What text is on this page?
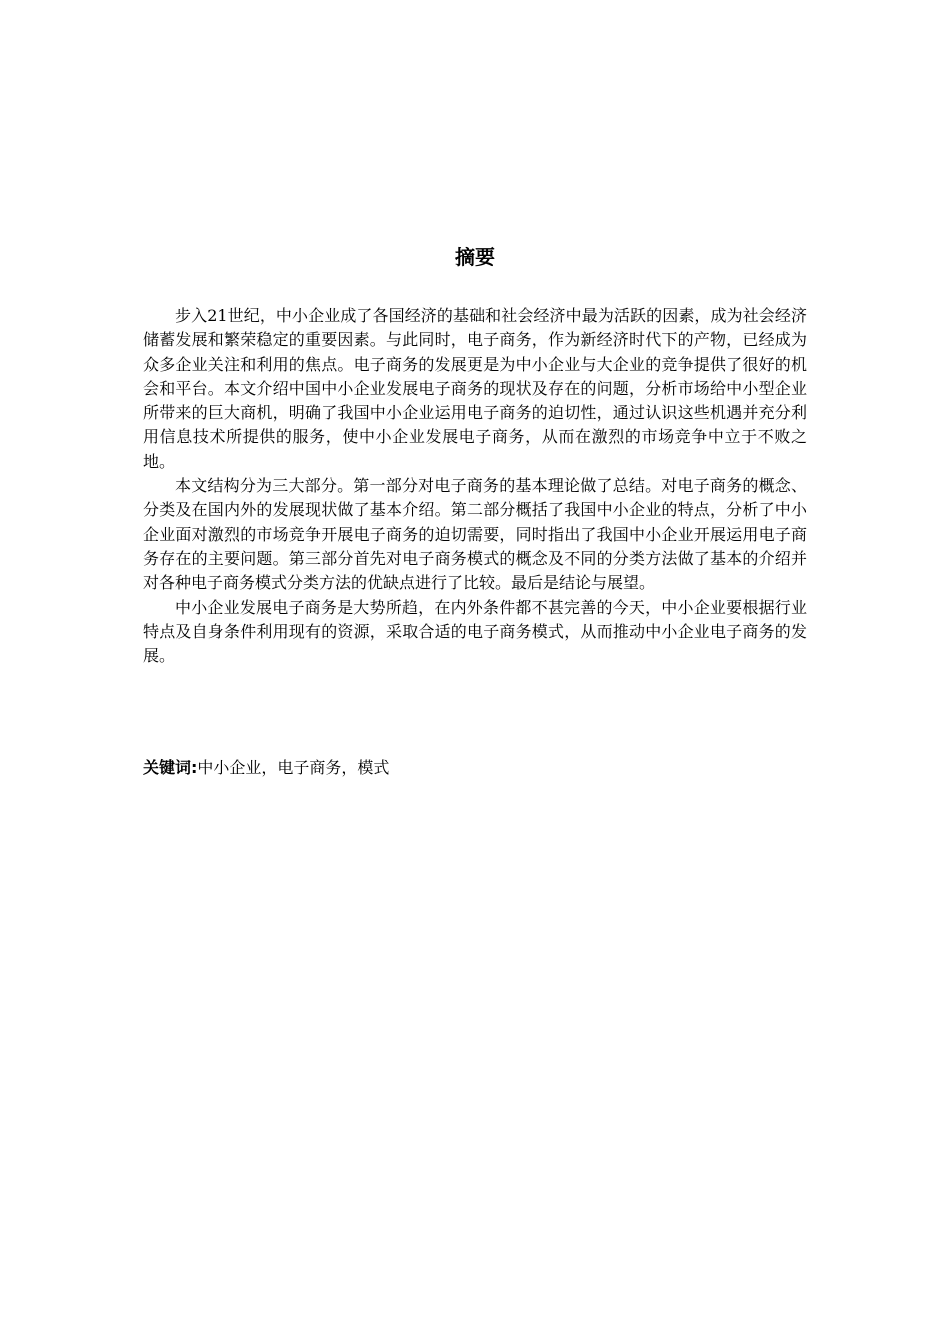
摘要

步入21世纪，中小企业成了各国经济的基础和社会经济中最为活跃的因素，成为社会经济储蓄发展和繁荣稳定的重要因素。与此同时，电子商务，作为新经济时代下的产物，已经成为众多企业关注和利用的焦点。电子商务的发展更是为中小企业与大企业的竞争提供了很好的机会和平台。本文介绍中国中小企业发展电子商务的现状及存在的问题，分析市场给中小型企业所带来的巨大商机，明确了我国中小企业运用电子商务的迫切性，通过认识这些机遇并充分利用信息技术所提供的服务，使中小企业发展电子商务，从而在激烈的市场竞争中立于不败之地。

本文结构分为三大部分。第一部分对电子商务的基本理论做了总结。对电子商务的概念、分类及在国内外的发展现状做了基本介绍。第二部分概括了我国中小企业的特点，分析了中小企业面对激烈的市场竞争开展电子商务的迫切需要，同时指出了我国中小企业开展运用电子商务存在的主要问题。第三部分首先对电子商务模式的概念及不同的分类方法做了基本的介绍并对各种电子商务模式分类方法的优缺点进行了比较。最后是结论与展望。

中小企业发展电子商务是大势所趋，在内外条件都不甚完善的今天，中小企业要根据行业特点及自身条件利用现有的资源，采取合适的电子商务模式，从而推动中小企业电子商务的发展。

关键词:中小企业，电子商务，模式
